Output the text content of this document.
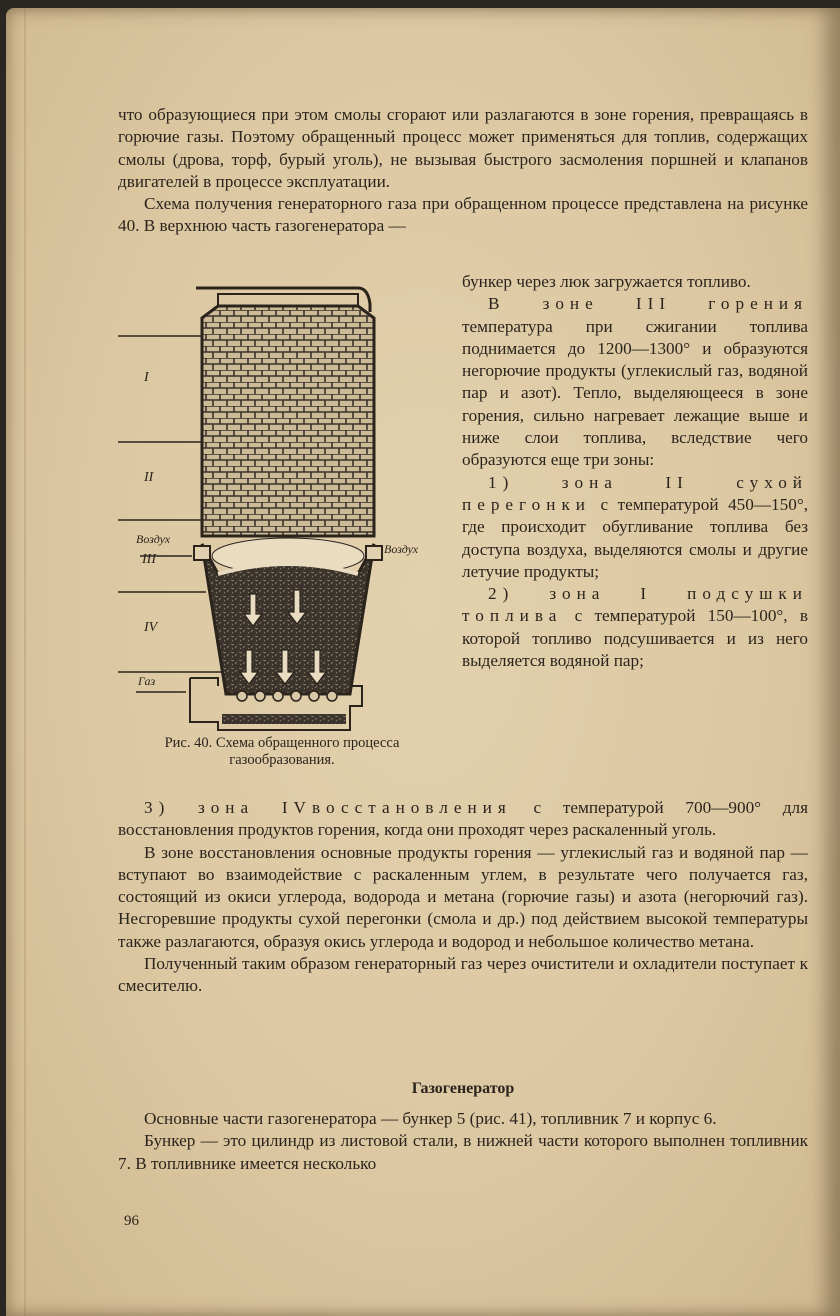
что образующиеся при этом смолы сгорают или разлагаются в зоне горения, превращаясь в горючие газы. Поэтому обращенный процесс может применяться для топлив, содержащих смолы (дрова, торф, бурый уголь), не вызывая быстрого засмоления поршней и клапанов двигателей в процессе эксплуатации.

Схема получения генераторного газа при обращенном процессе представлена на рисунке 40. В верхнюю часть газогенератора —

бункер через люк загружается топливо.

В зоне III горения температура при сжигании топлива поднимается до 1200—1300° и образуются негорючие продукты (углекислый газ, водяной пар и азот). Тепло, выделяющееся в зоне горения, сильно нагревает лежащие выше и ниже слои топлива, вследствие чего образуются еще три зоны:

1) зона II сухой перегонки с температурой 450—150°, где происходит обугливание топлива без доступа воздуха, выделяются смолы и другие летучие продукты;

2) зона I подсушки топлива с температурой 150—100°, в которой топливо подсушивается и из него выделяется водяной пар;

I
II
III
IV
Воздух
Воздух
Газ
Рис. 40. Схема обращенного процесса газообразования.

3) зона IVвосстановления с температурой 700—900° для восстановления продуктов горения, когда они проходят через раскаленный уголь.

В зоне восстановления основные продукты горения — углекислый газ и водяной пар — вступают во взаимодействие с раскаленным углем, в результате чего получается газ, состоящий из окиси углерода, водорода и метана (горючие газы) и азота (негорючий газ). Несгоревшие продукты сухой перегонки (смола и др.) под действием высокой температуры также разлагаются, образуя окись углерода и водород и небольшое количество метана.

Полученный таким образом генераторный газ через очистители и охладители поступает к смесителю.

Газогенератор

Основные части газогенератора — бункер 5 (рис. 41), топливник 7 и корпус 6.

Бункер — это цилиндр из листовой стали, в нижней части которого выполнен топливник 7. В топливнике имеется несколько

96
